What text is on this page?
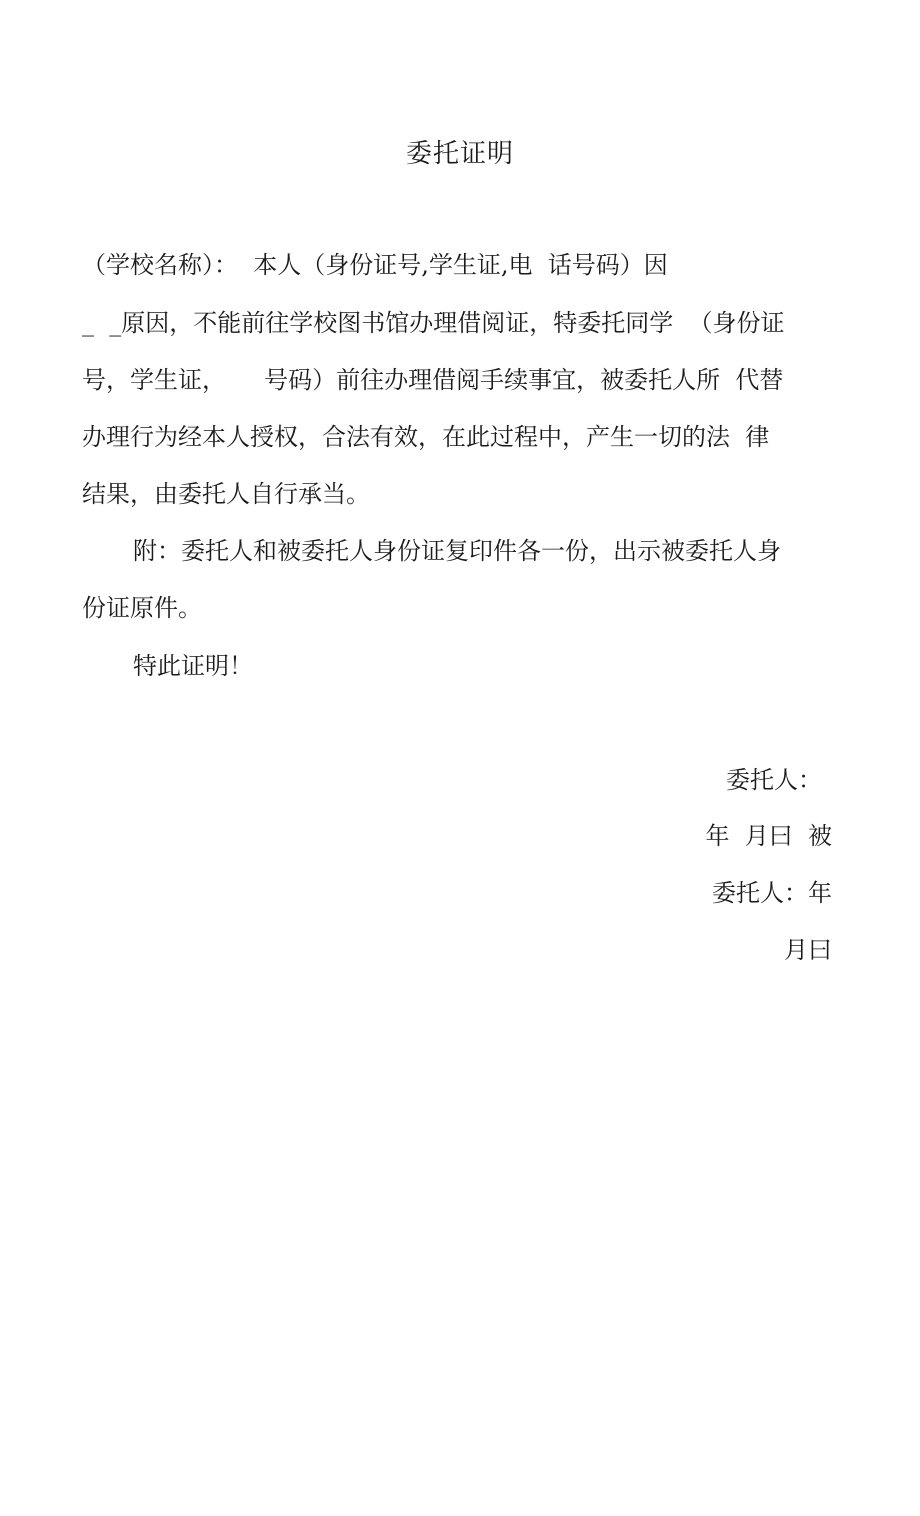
委托证明
（学校名称）：  本人（身份证号,学生证,电  话号码）因
_  _原因，不能前往学校图书馆办理借阅证，特委托同学  （身份证
号，学生证，     号码）前往办理借阅手续事宜，被委托人所  代替
办理行为经本人授权，合法有效，在此过程中，产生一切的法  律
结果，由委托人自行承当。
附：委托人和被委托人身份证复印件各一份，出示被委托人身
份证原件。
特此证明！
委托人：
年  月曰  被
委托人：年
月曰
